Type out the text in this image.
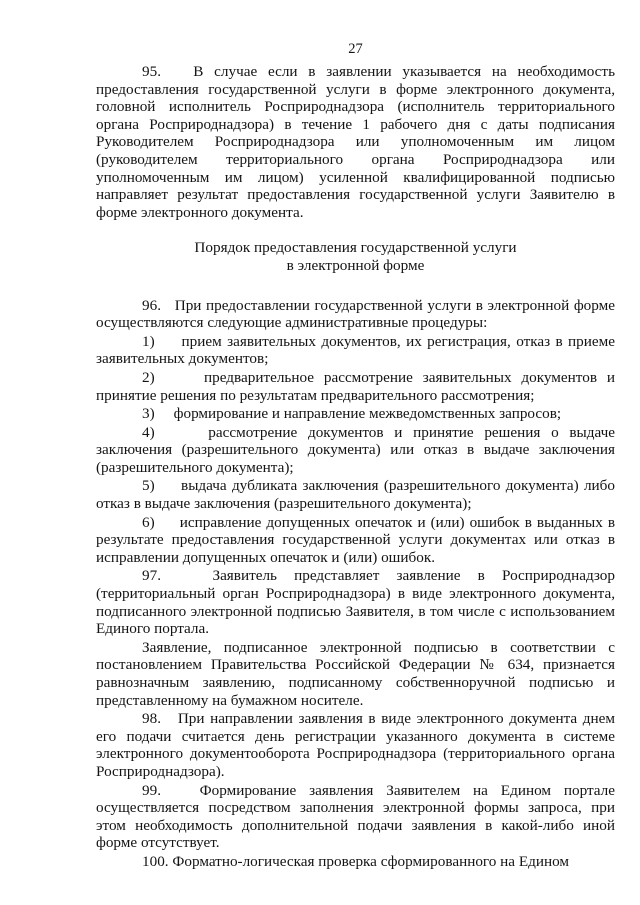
27

95.   В случае если в заявлении указывается на необходимость предоставления государственной услуги в форме электронного документа, головной исполнитель Росприроднадзора (исполнитель территориального органа Росприроднадзора) в течение 1 рабочего дня с даты подписания Руководителем Росприроднадзора или уполномоченным им лицом (руководителем территориального органа Росприроднадзора или уполномоченным им лицом) усиленной квалифицированной подписью направляет результат предоставления государственной услуги Заявителю в форме электронного документа.

Порядок предоставления государственной услуги
в электронной форме

96.   При предоставлении государственной услуги в электронной форме осуществляются следующие административные процедуры:

1)     прием заявительных документов, их регистрация, отказ в приеме заявительных документов;

2)     предварительное рассмотрение заявительных документов и принятие решения по результатам предварительного рассмотрения;

3)     формирование и направление межведомственных запросов;

4)     рассмотрение документов и принятие решения о выдаче заключения (разрешительного документа) или отказ в выдаче заключения (разрешительного документа);

5)     выдача дубликата заключения (разрешительного документа) либо отказ в выдаче заключения (разрешительного документа);

6)     исправление допущенных опечаток и (или) ошибок в выданных в результате предоставления государственной услуги документах или отказ в исправлении допущенных опечаток и (или) ошибок.

97.   Заявитель представляет заявление в Росприроднадзор (территориальный орган Росприроднадзора) в виде электронного документа, подписанного электронной подписью Заявителя, в том числе с использованием Единого портала.

Заявление, подписанное электронной подписью в соответствии с постановлением Правительства Российской Федерации № 634, признается равнозначным заявлению, подписанному собственноручной подписью и представленному на бумажном носителе.

98.   При направлении заявления в виде электронного документа днем его подачи считается день регистрации указанного документа в системе электронного документооборота Росприроднадзора (территориального органа Росприроднадзора).

99.   Формирование заявления Заявителем на Едином портале осуществляется посредством заполнения электронной формы запроса, при этом необходимость дополнительной подачи заявления в какой-либо иной форме отсутствует.

100. Форматно-логическая проверка сформированного на Едином
